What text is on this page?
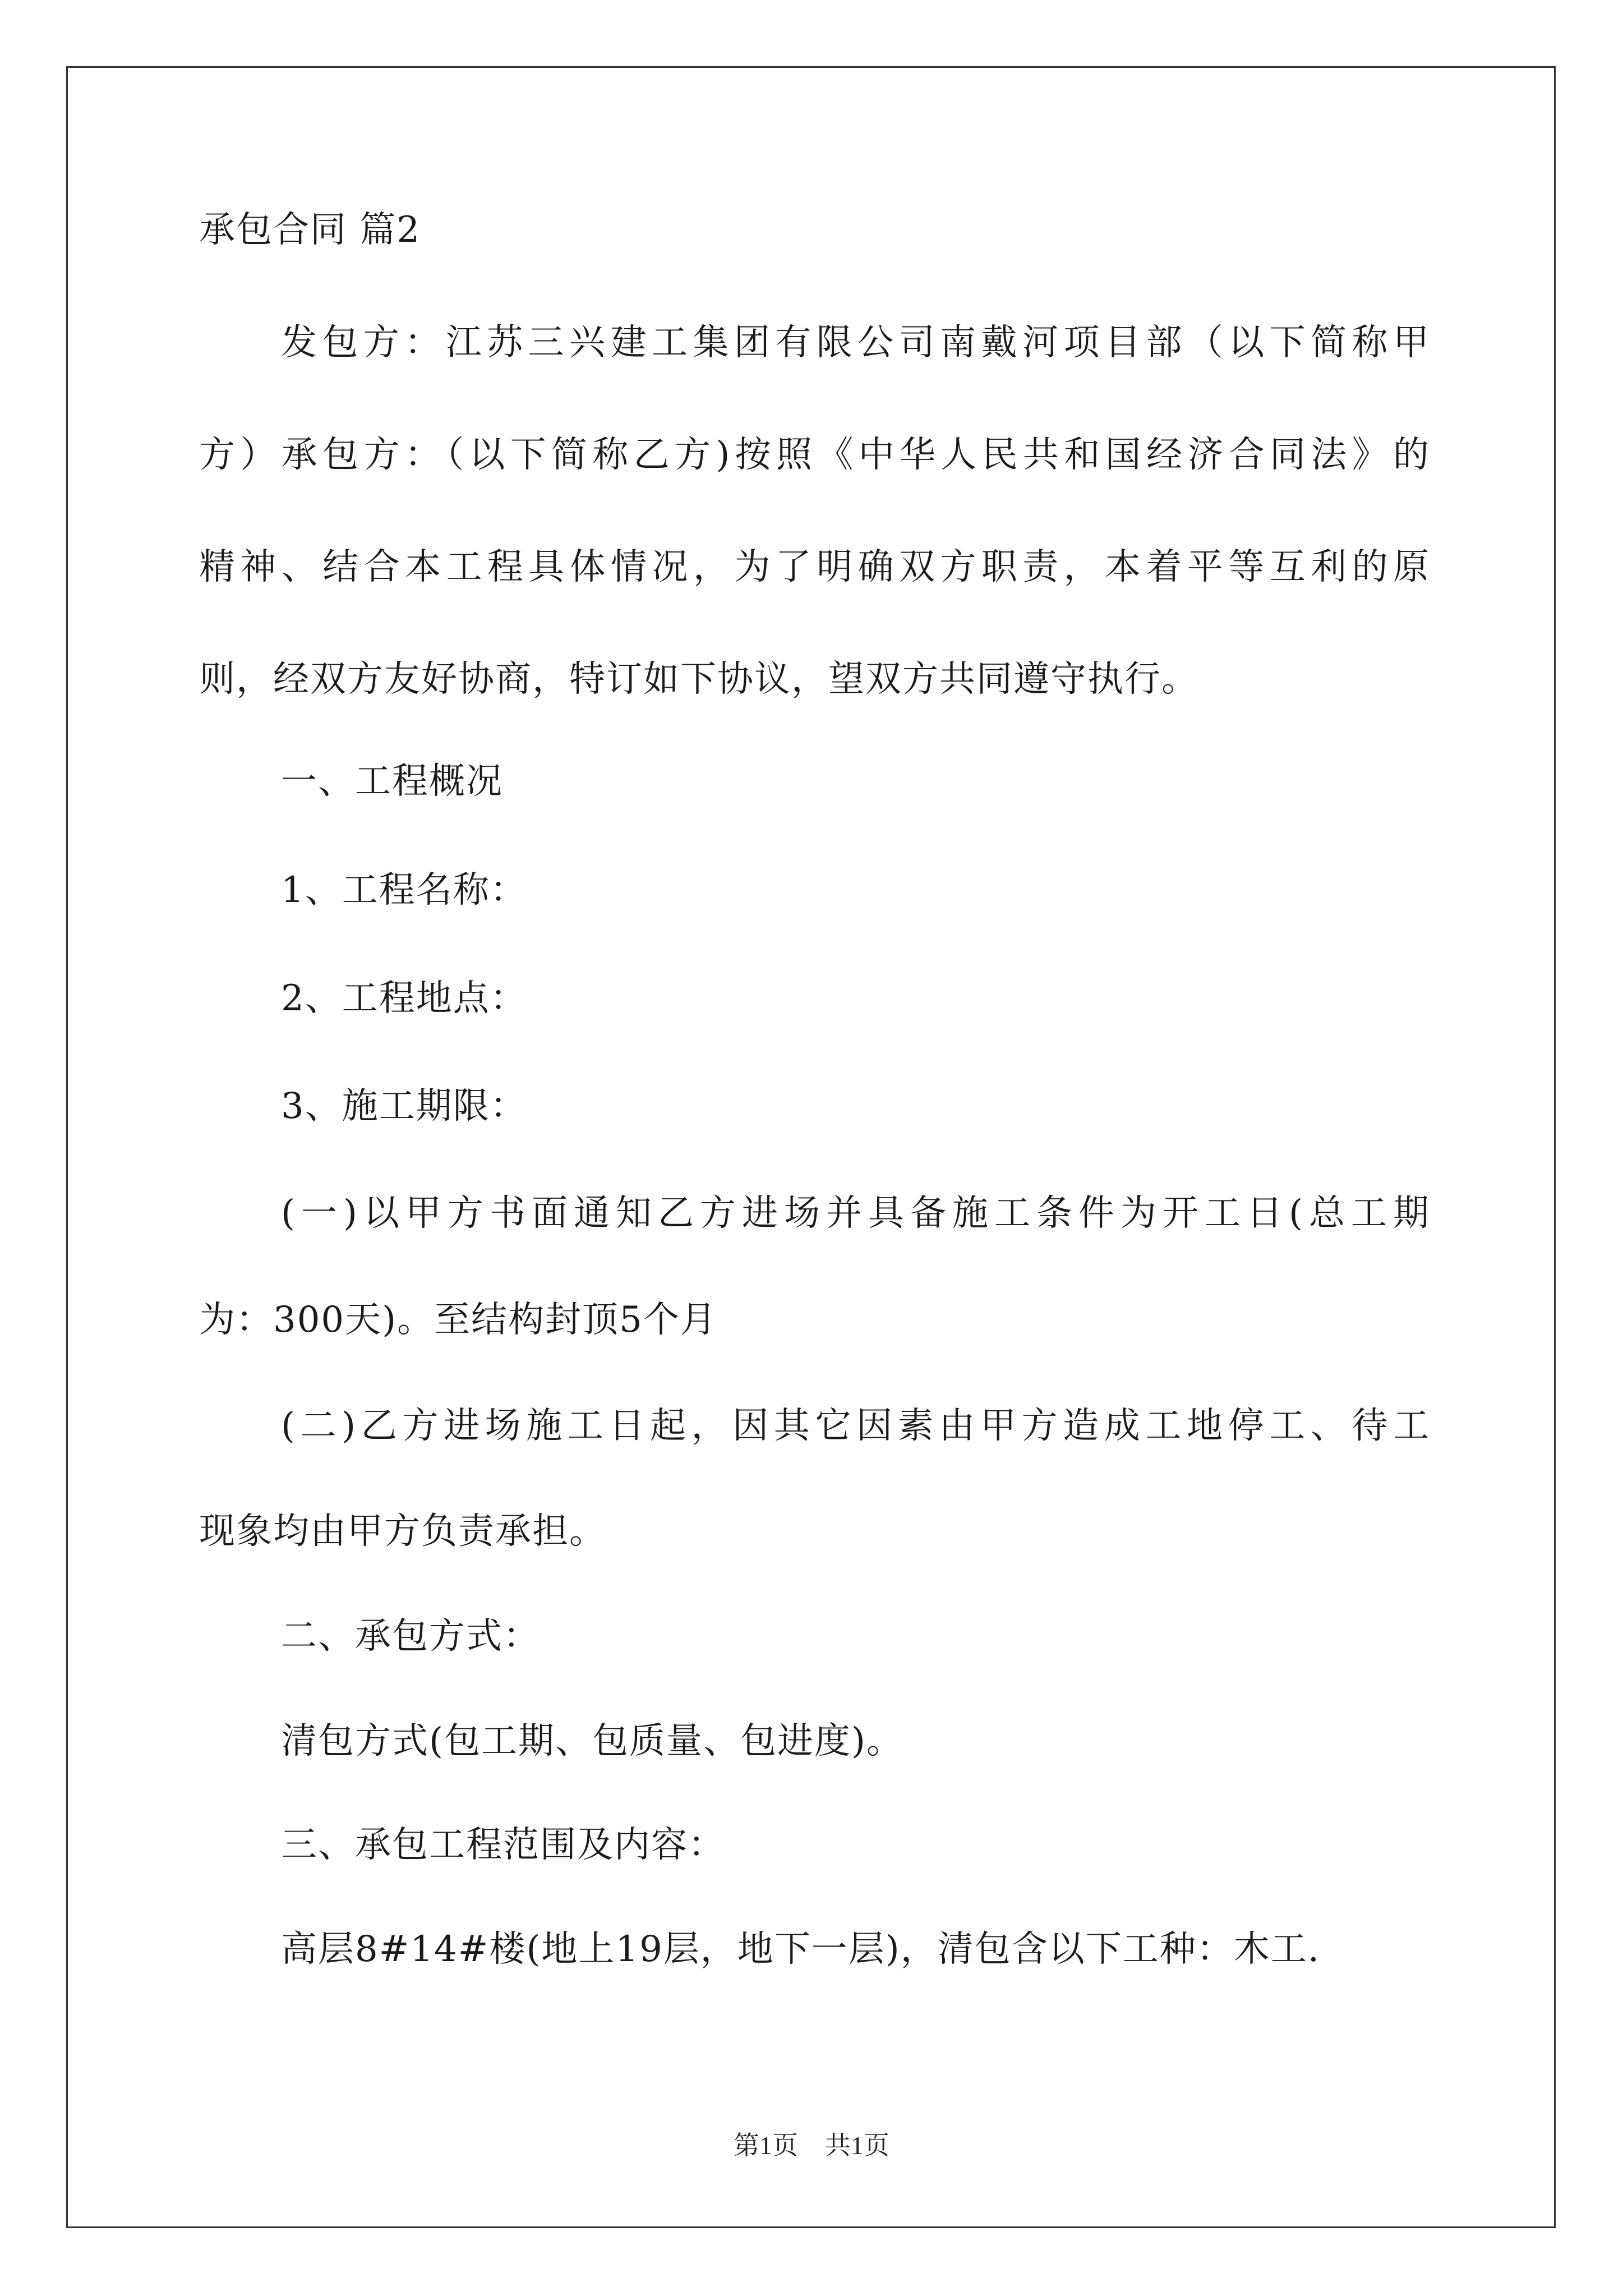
承包合同 篇2
发包方：江苏三兴建工集团有限公司南戴河项目部（以下简称甲
方）承包方：（以下简称乙方)按照《中华人民共和国经济合同法》的
精神、结合本工程具体情况，为了明确双方职责，本着平等互利的原
则，经双方友好协商，特订如下协议，望双方共同遵守执行。
一、工程概况
1、工程名称：
2、工程地点：
3、施工期限：
(一)以甲方书面通知乙方进场并具备施工条件为开工日(总工期
为：300天)。至结构封顶5个月
(二)乙方进场施工日起，因其它因素由甲方造成工地停工、待工
现象均由甲方负责承担。
二、承包方式：
清包方式(包工期、包质量、包进度)。
三、承包工程范围及内容：
高层8#14#楼(地上19层，地下一层)，清包含以下工种：木工.
第1页 共1页
